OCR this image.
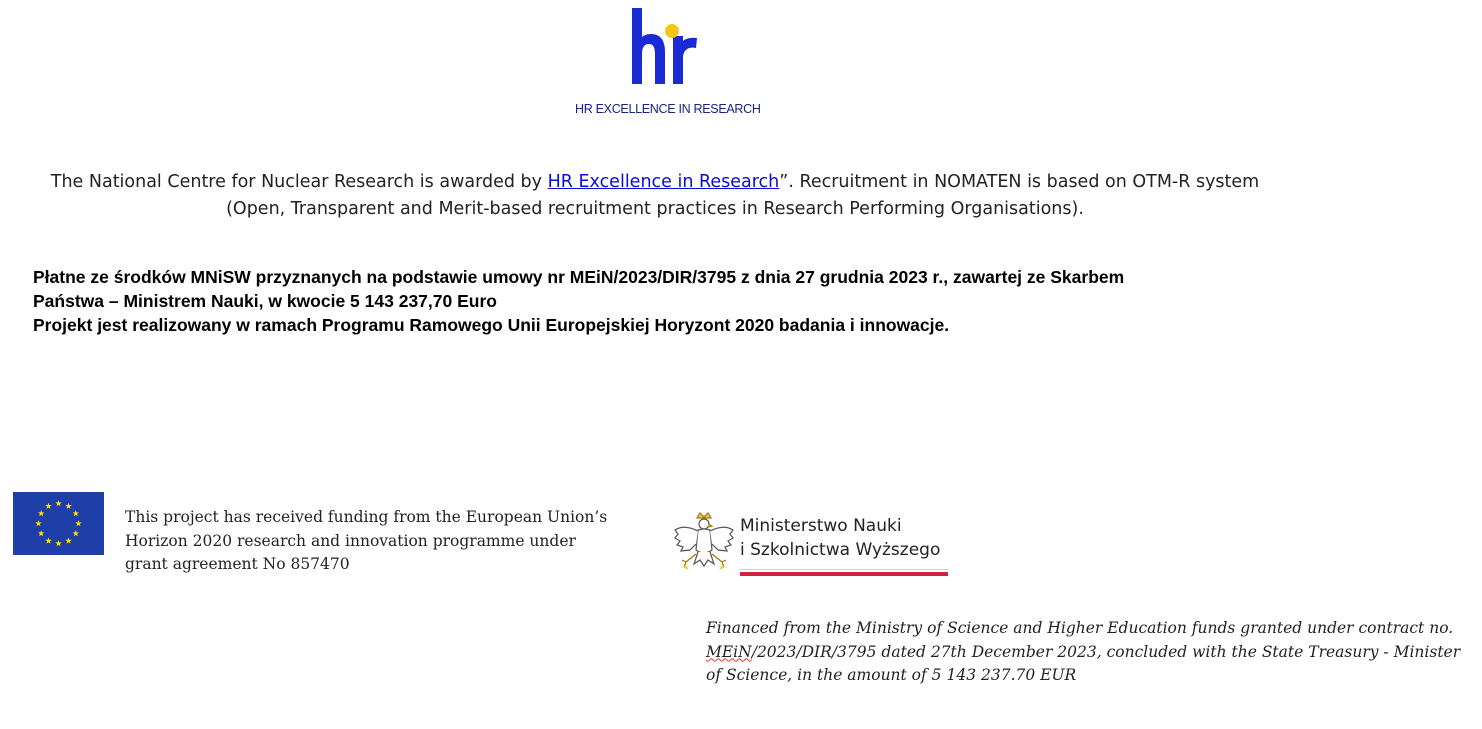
HR EXCELLENCE IN RESEARCH
The National Centre for Nuclear Research is awarded by HR Excellence in Research”. Recruitment in NOMATEN is based on OTM-R system
(Open, Transparent and Merit-based recruitment practices in Research Performing Organisations).
Płatne ze środków MNiSW przyznanych na podstawie umowy nr MEiN/2023/DIR/3795 z dnia 27 grudnia 2023 r., zawartej ze Skarbem
Państwa – Ministrem Nauki, w kwocie 5 143 237,70 Euro
Projekt jest realizowany w ramach Programu Ramowego Unii Europejskiej Horyzont 2020 badania i innowacje.
This project has received funding from the European Union’s
Horizon 2020 research and innovation programme under
grant agreement No 857470
Ministerstwo Nauki
i Szkolnictwa Wyższego
Financed from the Ministry of Science and Higher Education funds granted under contract no.
MEiN/2023/DIR/3795 dated 27th December 2023, concluded with the State Treasury - Minister
of Science, in the amount of 5 143 237.70 EUR
